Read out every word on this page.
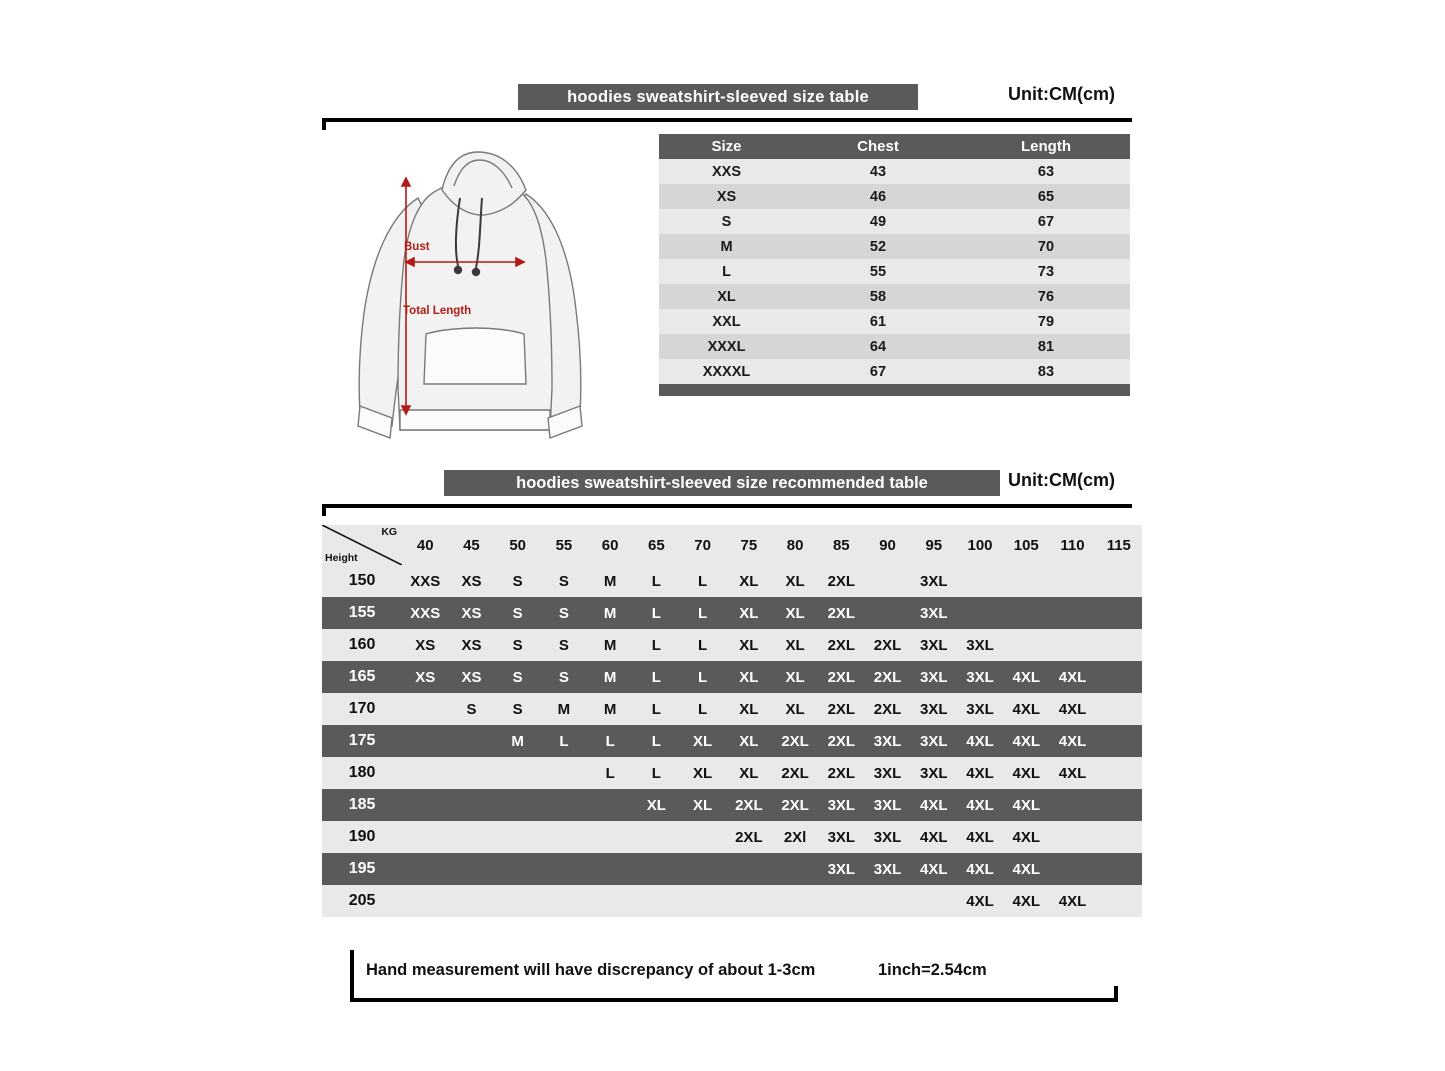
hoodies sweatshirt-sleeved size table	Unit:CM(cm)
Bust
Total Length
Size	Chest	Length
XXS	43	63
XS	46	65
S	49	67
M	52	70
L	55	73
XL	58	76
XXL	61	79
XXXL	64	81
XXXXL	67	83

hoodies sweatshirt-sleeved size recommended table	Unit:CM(cm)
KG
Height	40	45	50	55	60	65	70	75	80	85	90	95	100	105	110	115
150	XXS	XS	S	S	M	L	L	XL	XL	2XL		3XL				
155	XXS	XS	S	S	M	L	L	XL	XL	2XL		3XL				
160	XS	XS	S	S	M	L	L	XL	XL	2XL	2XL	3XL	3XL			
165	XS	XS	S	S	M	L	L	XL	XL	2XL	2XL	3XL	3XL	4XL	4XL	
170		S	S	M	M	L	L	XL	XL	2XL	2XL	3XL	3XL	4XL	4XL	
175			M	L	L	L	XL	XL	2XL	2XL	3XL	3XL	4XL	4XL	4XL	
180					L	L	XL	XL	2XL	2XL	3XL	3XL	4XL	4XL	4XL	
185						XL	XL	2XL	2XL	3XL	3XL	4XL	4XL	4XL		
190								2XL	2Xl	3XL	3XL	4XL	4XL	4XL		
195										3XL	3XL	4XL	4XL	4XL		
205													4XL	4XL	4XL	
Hand measurement will have discrepancy of about 1-3cm	1inch=2.54cm
